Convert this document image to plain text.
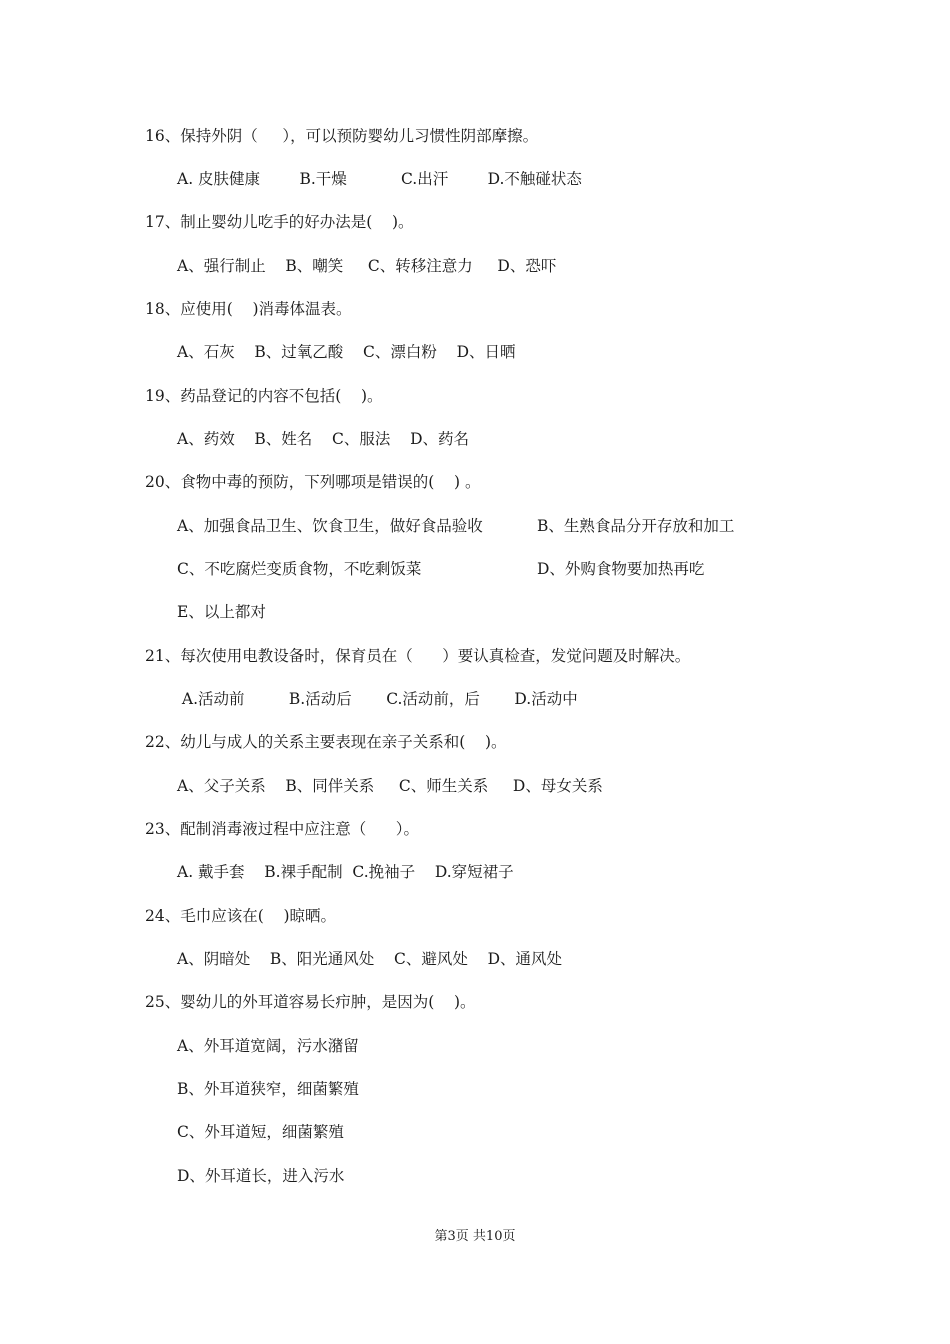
16、保持外阴（     ），可以预防婴幼儿习惯性阴部摩擦。
A. 皮肤健康        B.干燥           C.出汗        D.不触碰状态
17、制止婴幼儿吃手的好办法是(    )。
A、强行制止    B、嘲笑     C、转移注意力     D、恐吓
18、应使用(    )消毒体温表。
A、石灰    B、过氧乙酸    C、漂白粉    D、日晒
19、药品登记的内容不包括(    )。
A、药效    B、姓名    C、服法    D、药名
20、食物中毒的预防，下列哪项是错误的(    ) 。
A、加强食品卫生、饮食卫生，做好食品验收	B、生熟食品分开存放和加工
C、不吃腐烂变质食物，不吃剩饭菜	D、外购食物要加热再吃
E、以上都对
21、每次使用电教设备时，保育员在（      ）要认真检查，发觉问题及时解决。
A.活动前         B.活动后       C.活动前，后       D.活动中
22、幼儿与成人的关系主要表现在亲子关系和(    )。
A、父子关系    B、同伴关系     C、师生关系     D、母女关系
23、配制消毒液过程中应注意（      ）。
A. 戴手套    B.裸手配制  C.挽袖子    D.穿短裙子
24、毛巾应该在(    )晾晒。
A、阴暗处    B、阳光通风处    C、避风处    D、通风处
25、婴幼儿的外耳道容易长疖肿，是因为(    )。
A、外耳道宽阔，污水潴留
B、外耳道狭窄，细菌繁殖
C、外耳道短，细菌繁殖
D、外耳道长，进入污水
第3页 共10页
